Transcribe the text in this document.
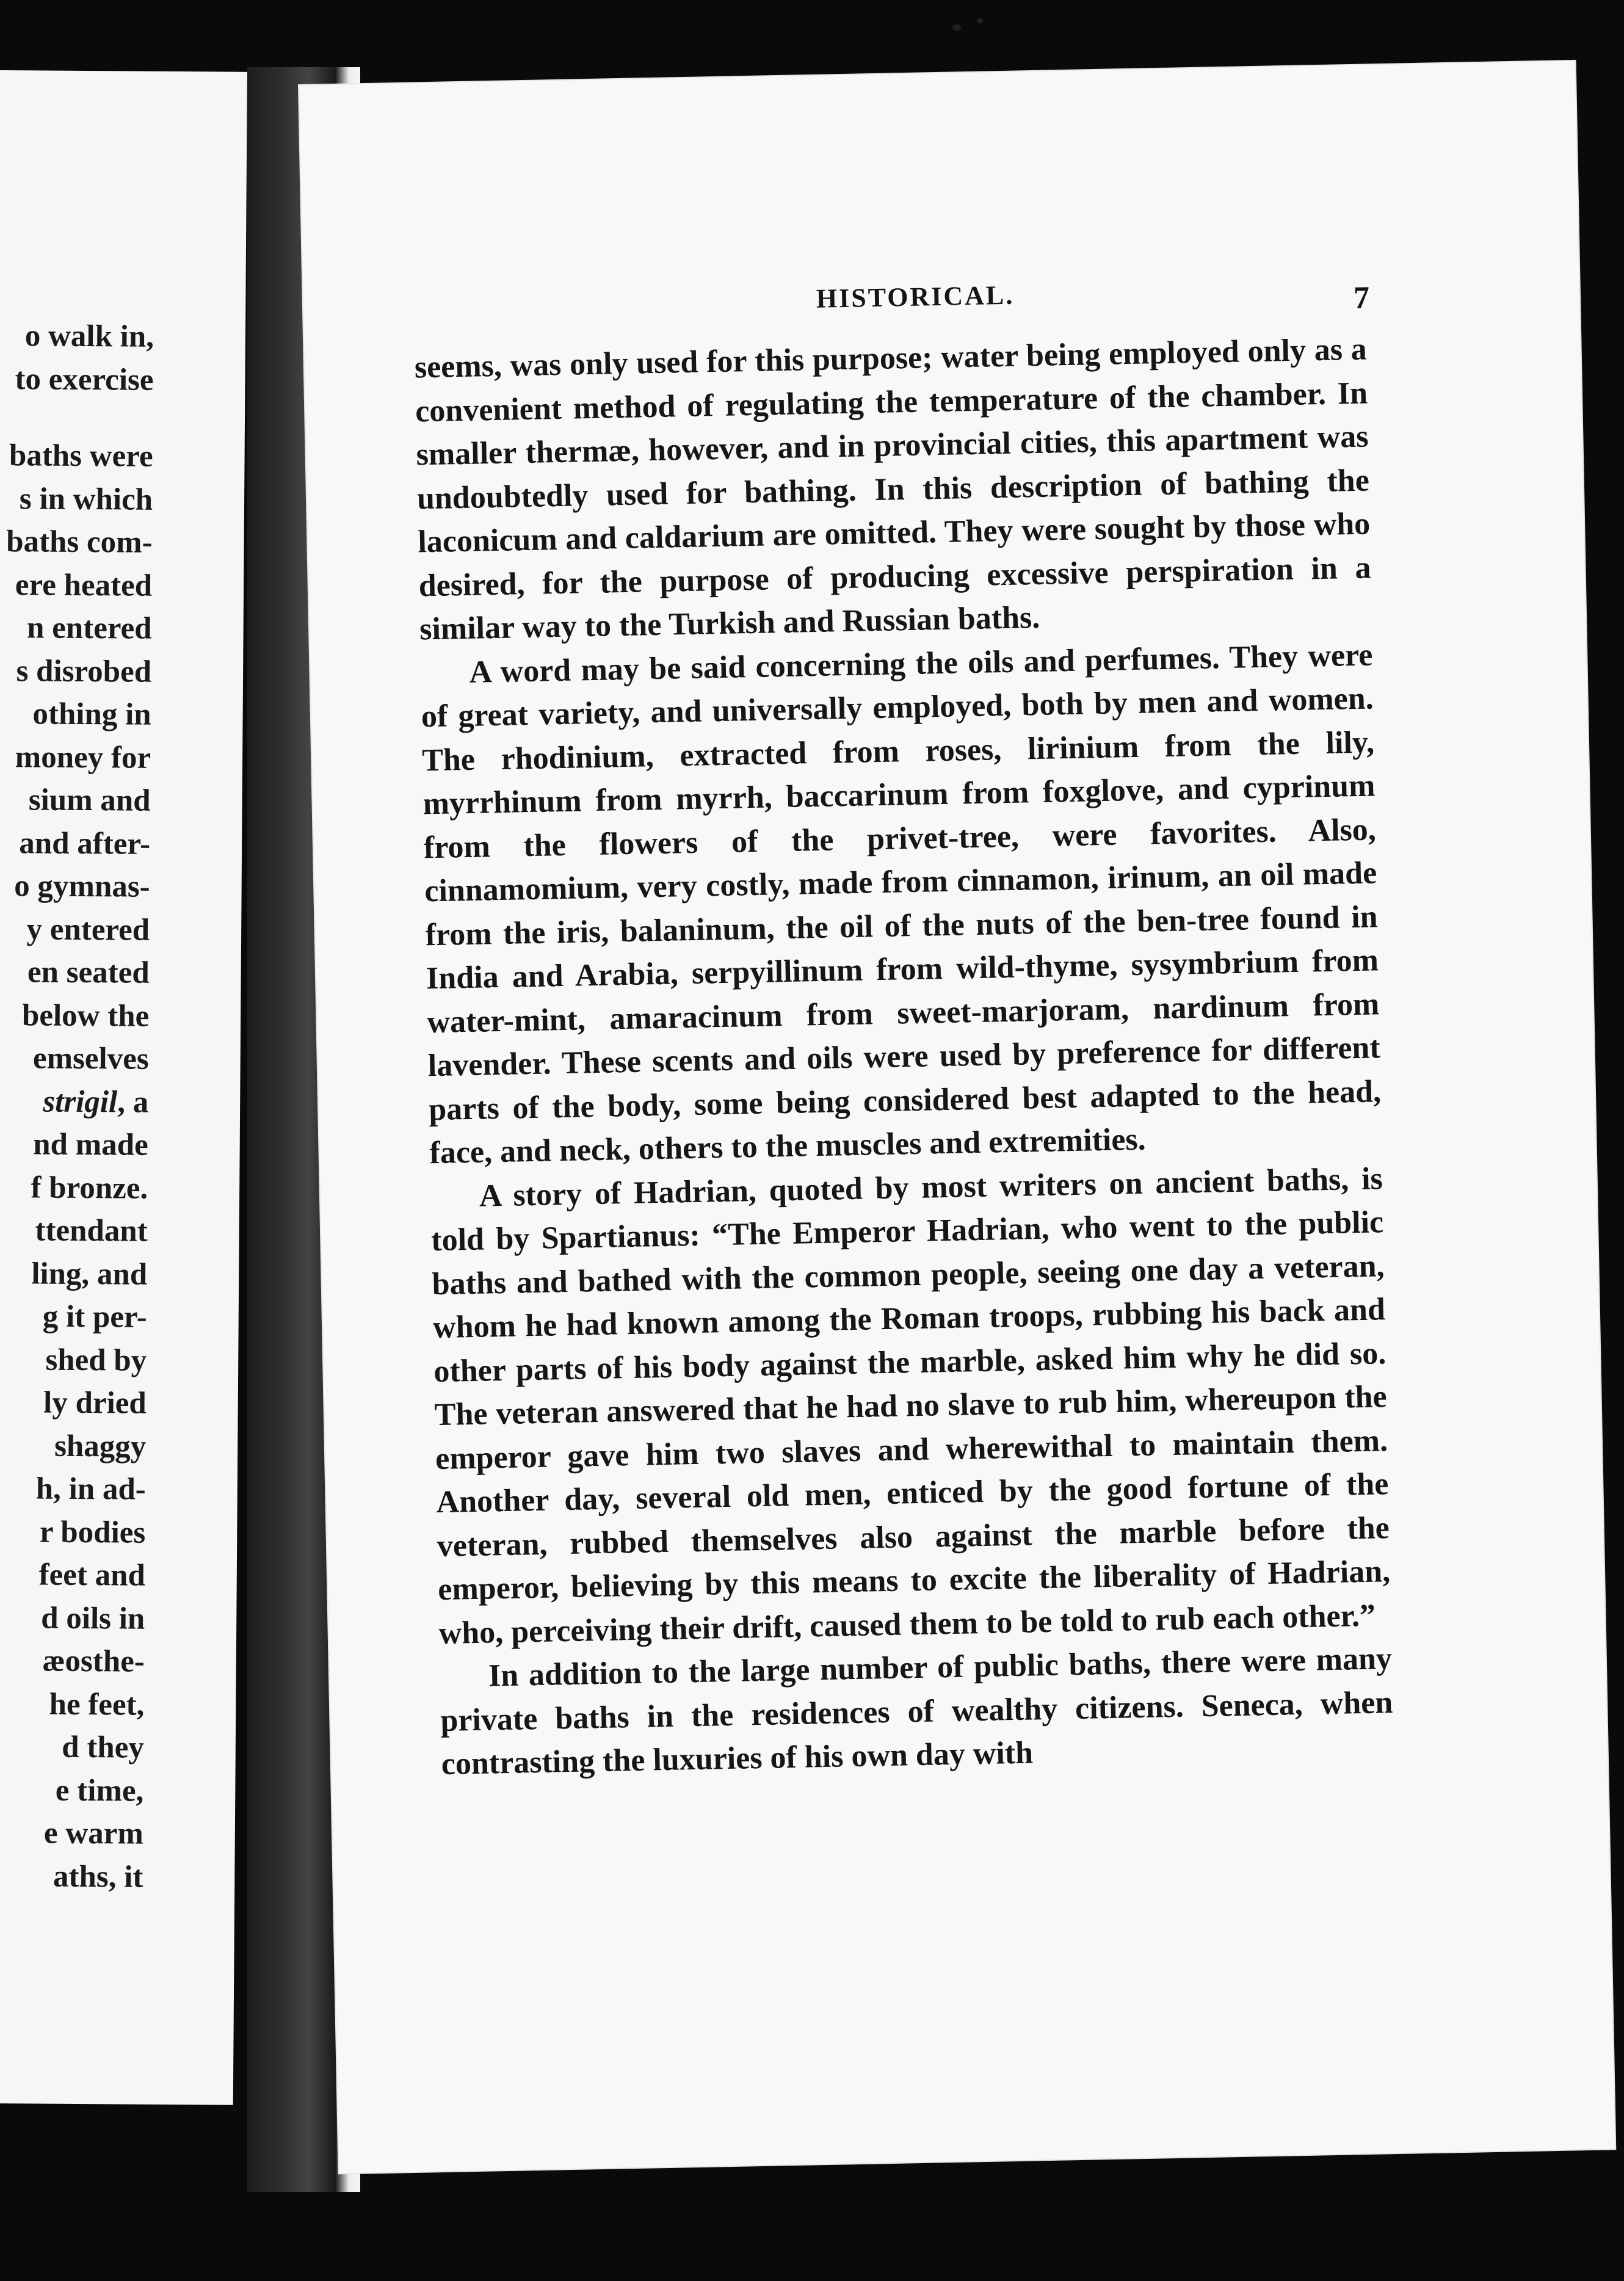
o walk in,
to exercise
baths were
s in which
baths com-
ere heated
n entered
s disrobed
othing in
money for
sium and
and after-
o gymnas-
y entered
en seated
below the
emselves
strigil, a
nd made
f bronze.
ttendant
ling, and
g it per-
shed by
ly dried
shaggy
h, in ad-
r bodies
feet and
d oils in
æosthe-
he feet,
d they
e time,
e warm
aths, it
HISTORICAL.	7

seems, was only used for this purpose; water being employed only as a convenient method of regulating the temperature of the chamber. In smaller thermæ, however, and in provincial cities, this apartment was undoubtedly used for bathing. In this description of bathing the laconicum and caldarium are omitted. They were sought by those who desired, for the purpose of producing excessive perspiration in a similar way to the Turkish and Russian baths.

A word may be said concerning the oils and perfumes. They were of great variety, and universally employed, both by men and women. The rhodinium, extracted from roses, lirinium from the lily, myrrhinum from myrrh, baccarinum from foxglove, and cyprinum from the flowers of the privet-tree, were favorites. Also, cinnamomium, very costly, made from cinnamon, irinum, an oil made from the iris, balaninum, the oil of the nuts of the ben-tree found in India and Arabia, serpyillinum from wild-thyme, sysymbrium from water-mint, amaracinum from sweet-marjoram, nardinum from lavender. These scents and oils were used by preference for different parts of the body, some being considered best adapted to the head, face, and neck, others to the muscles and extremities.

A story of Hadrian, quoted by most writers on ancient baths, is told by Spartianus: “The Emperor Hadrian, who went to the public baths and bathed with the common people, seeing one day a veteran, whom he had known among the Roman troops, rubbing his back and other parts of his body against the marble, asked him why he did so. The veteran answered that he had no slave to rub him, whereupon the emperor gave him two slaves and wherewithal to maintain them. Another day, several old men, enticed by the good fortune of the veteran, rubbed themselves also against the marble before the emperor, believing by this means to excite the liberality of Hadrian, who, perceiving their drift, caused them to be told to rub each other.”

In addition to the large number of public baths, there were many private baths in the residences of wealthy citizens. Seneca, when contrasting the luxuries of his own day with
